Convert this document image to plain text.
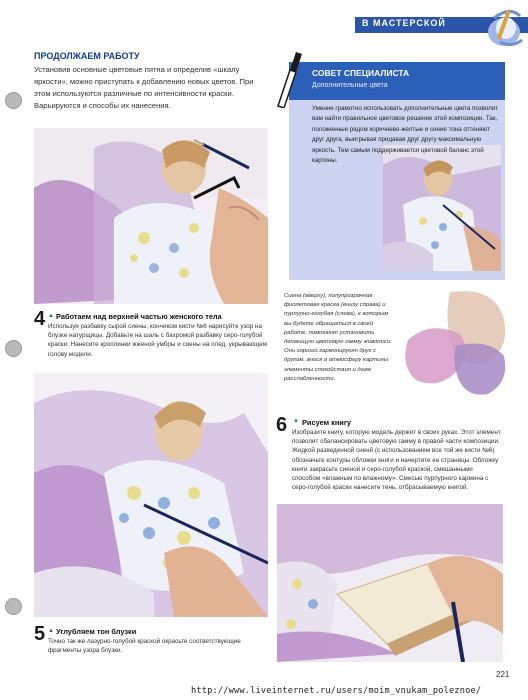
В МАСТЕРСКОЙ
ПРОДОЛЖАЕМ РАБОТУ
Установив основные цветовые пятна и определив «шкалу яркости», можно приступать к добавлению новых цветов. При этом используются различные по интенсивности краски. Варьируются и способы их нанесения.
4 ▲ Работаем над верхней частью женского тела
Используя разбавку сырой сиены, кончиком кисти №6 нарисуйте узор на блузке натурщицы. Добавьте на шаль с бахромой разбавку серо-голубой краски. Нанесите кроплинки жженой умбры и сиены на плед, укрывающем голову модели.
5 ▲ Углубляем тон блузки
Точно так же лазурно-голубой краской окрасьте соответствующие фрагменты узора блузки.
СОВЕТ СПЕЦИАЛИСТА
Дополнительные цвета
Умение грамотно использовать дополнительные цвета позволит вам найти правильное цветовое решение этой композиции. Так, положенные рядом коричнево-желтые и синие тона оттеняют друг друга, выигрывая придавая друг другу максимальную яркость. Тем самым поддерживается цветовой баланс этой картины.
Сиена (вверху), полупрозрачная фиолетовая краска (внизу справа) и пурпурно-голубая (слева), к которым вы будете обращаться в своей работе, помогают установить делающую цветовую гамму живописи. Они хорошо гармонируют друг с другом, внося в атмосферу картины элементы спокойствия и даже расслабленности.
6 ▼ Рисуем книгу
Изобразите книгу, которую модель держит в своих руках. Этот элемент позволит сбалансировать цветовую гамму в правой части композиции. Жидкой разведенной сиенй (с использованием все той же кисти №6) обозначьте контуры обложки книги и начертите ее страницы. Обложку книги закрасьте сиеной и серо-голубой краской, смешанными способом «влажным по влажному». Смесью пурпурного кармина с серо-голубой краски нанесите тень, отбрасываемую книгой.
221
http://www.liveinternet.ru/users/moim_vnukam_poleznoe/
